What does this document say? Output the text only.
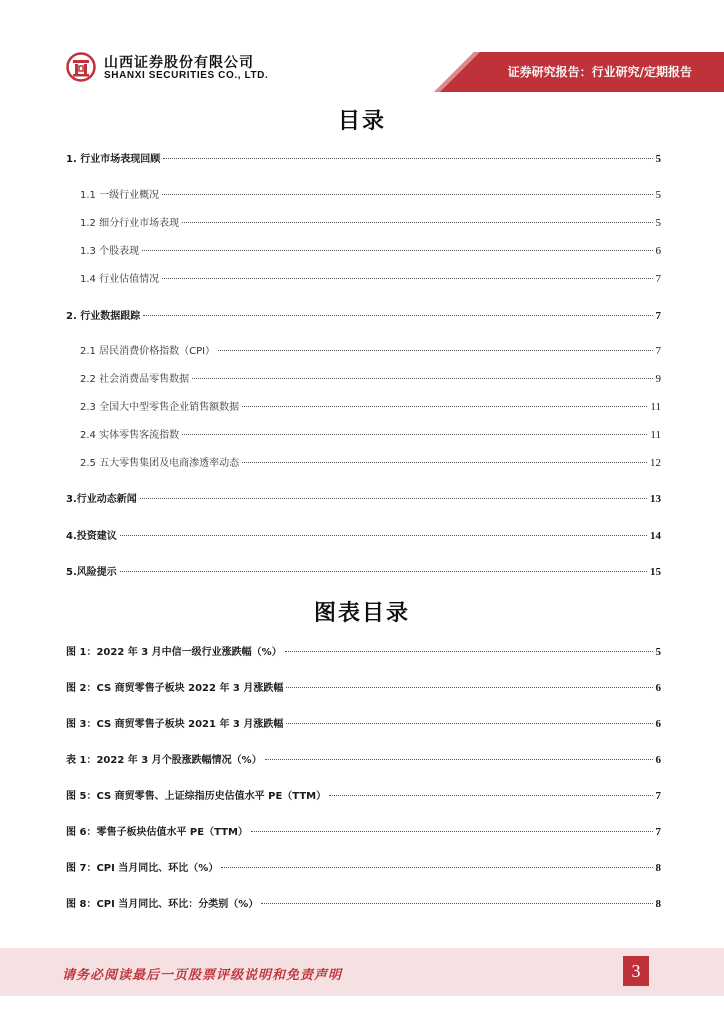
山西证券股份有限公司
SHANXI SECURITIES CO., LTD.	证券研究报告：行业研究/定期报告
目录
1. 行业市场表现回顾	5
1.1 一级行业概况	5
1.2 细分行业市场表现	5
1.3 个股表现	6
1.4 行业估值情况	7
2. 行业数据跟踪	7
2.1 居民消费价格指数（CPI）	7
2.2 社会消费品零售数据	9
2.3 全国大中型零售企业销售额数据	11
2.4 实体零售客流指数	11
2.5 五大零售集团及电商渗透率动态	12
3.行业动态新闻	13
4.投资建议	14
5.风险提示	15
图表目录
图 1：2022 年 3 月中信一级行业涨跌幅（%）	5
图 2：CS 商贸零售子板块 2022 年 3 月涨跌幅	6
图 3：CS 商贸零售子板块 2021 年 3 月涨跌幅	6
表 1：2022 年 3 月个股涨跌幅情况（%）	6
图 5：CS 商贸零售、上证综指历史估值水平 PE（TTM）	7
图 6：零售子板块估值水平 PE（TTM）	7
图 7：CPI 当月同比、环比（%）	8
图 8：CPI 当月同比、环比：分类别（%）	8
请务必阅读最后一页股票评级说明和免责声明	3
